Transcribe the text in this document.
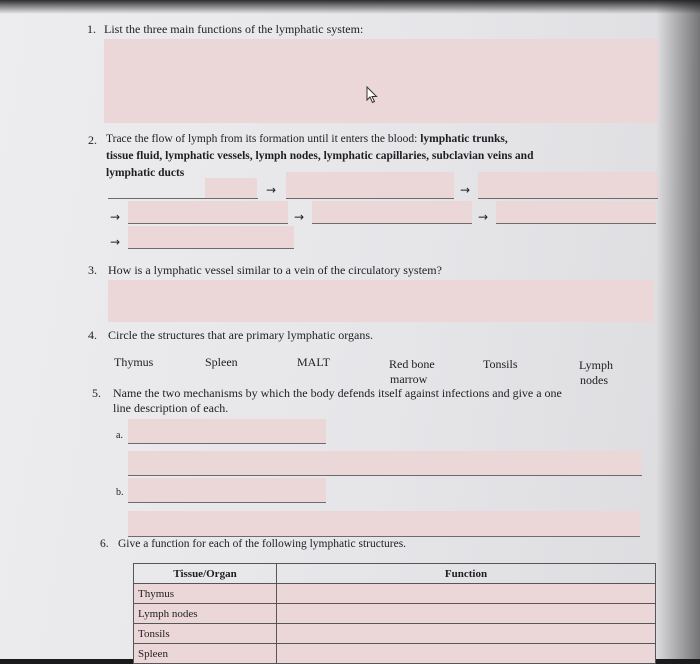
1. List the three main functions of the lymphatic system:
2. Trace the flow of lymph from its formation until it enters the blood: lymphatic trunks,
tissue fluid, lymphatic vessels, lymph nodes, lymphatic capillaries, subclavian veins and
lymphatic ducts
→	→
→	→	→
→
3. How is a lymphatic vessel similar to a vein of the circulatory system?
4. Circle the structures that are primary lymphatic organs.
Thymus	Spleen	MALT	Red bone
marrow
Tonsils	Lymph
nodes
5. Name the two mechanisms by which the body defends itself against infections and give a one
line description of each.
a.
b.
6. Give a function for each of the following lymphatic structures.
Tissue/Organ	Function
Thymus	
Lymph nodes	
Tonsils	
Spleen	
